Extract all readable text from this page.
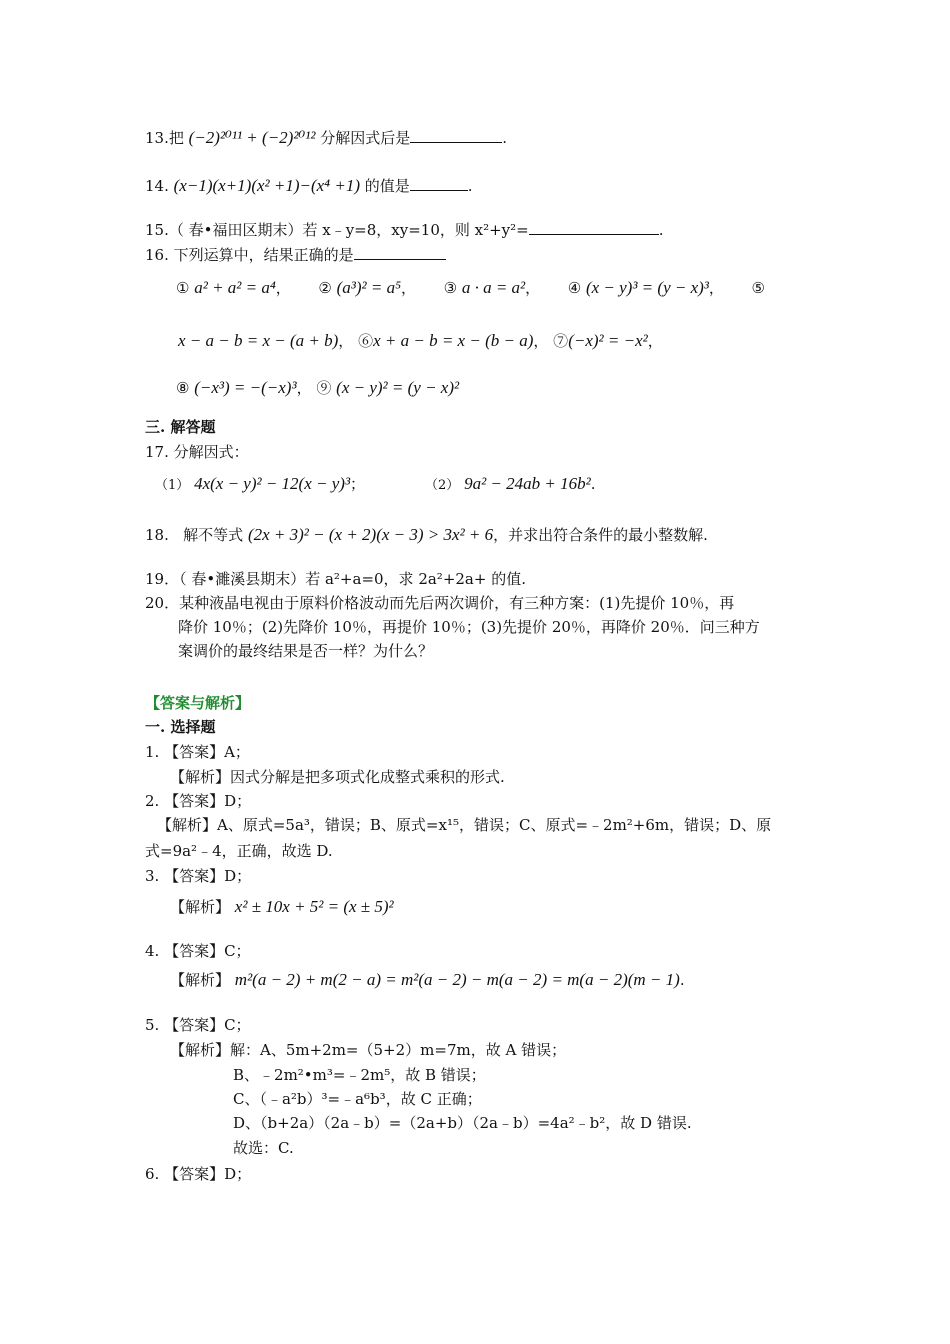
13.把 (−2)²⁰¹¹ + (−2)²⁰¹² 分解因式后是	.
14. (x−1)(x+1)(x² +1)−(x⁴ +1) 的值是	.
15.（ 春•福田区期末）若 x﹣y=8，xy=10，则 x²+y²=	.
16. 下列运算中，结果正确的是
① a² + a² = a⁴， ② (a³)² = a⁵， ③ a · a = a²， ④ (x − y)³ = (y − x)³， ⑤
x − a − b = x − (a + b)， ⑥x + a − b = x − (b − a)， ⑦(−x)² = −x²，
⑧ (−x³) = −(−x)³， ⑨ (x − y)² = (y − x)²
三. 解答题
17. 分解因式：
（1） 4x(x − y)² − 12(x − y)³；	（2） 9a² − 24ab + 16b².
18. 解不等式 (2x + 3)² − (x + 2)(x − 3) > 3x² + 6，并求出符合条件的最小整数解.
19．（ 春•濉溪县期末）若 a²+a=0，求 2a²+2a+ 的值.
20．某种液晶电视由于原料价格波动而先后两次调价，有三种方案：(1)先提价 10％，再
降价 10％；(2)先降价 10％，再提价 10％；(3)先提价 20％，再降价 20％．问三种方
案调价的最终结果是否一样？为什么？
【答案与解析】
一. 选择题
1. 【答案】A；
【解析】因式分解是把多项式化成整式乘积的形式.
2. 【答案】D；
【解析】A、原式=5a³，错误；B、原式=x¹⁵，错误；C、原式=﹣2m²+6m，错误；D、原
式=9a²﹣4，正确，故选 D.
3. 【答案】D；
【解析】 x² ± 10x + 5² = (x ± 5)²
4. 【答案】C；
【解析】 m²(a − 2) + m(2 − a) = m²(a − 2) − m(a − 2) = m(a − 2)(m − 1).
5. 【答案】C；
【解析】解：A、5m+2m=（5+2）m=7m，故 A 错误；
B、﹣2m²•m³=﹣2m⁵，故 B 错误；
C、（﹣a²b）³=﹣a⁶b³，故 C 正确；
D、（b+2a）（2a﹣b）=（2a+b）（2a﹣b）=4a²﹣b²，故 D 错误.
故选：C.
6. 【答案】D；
